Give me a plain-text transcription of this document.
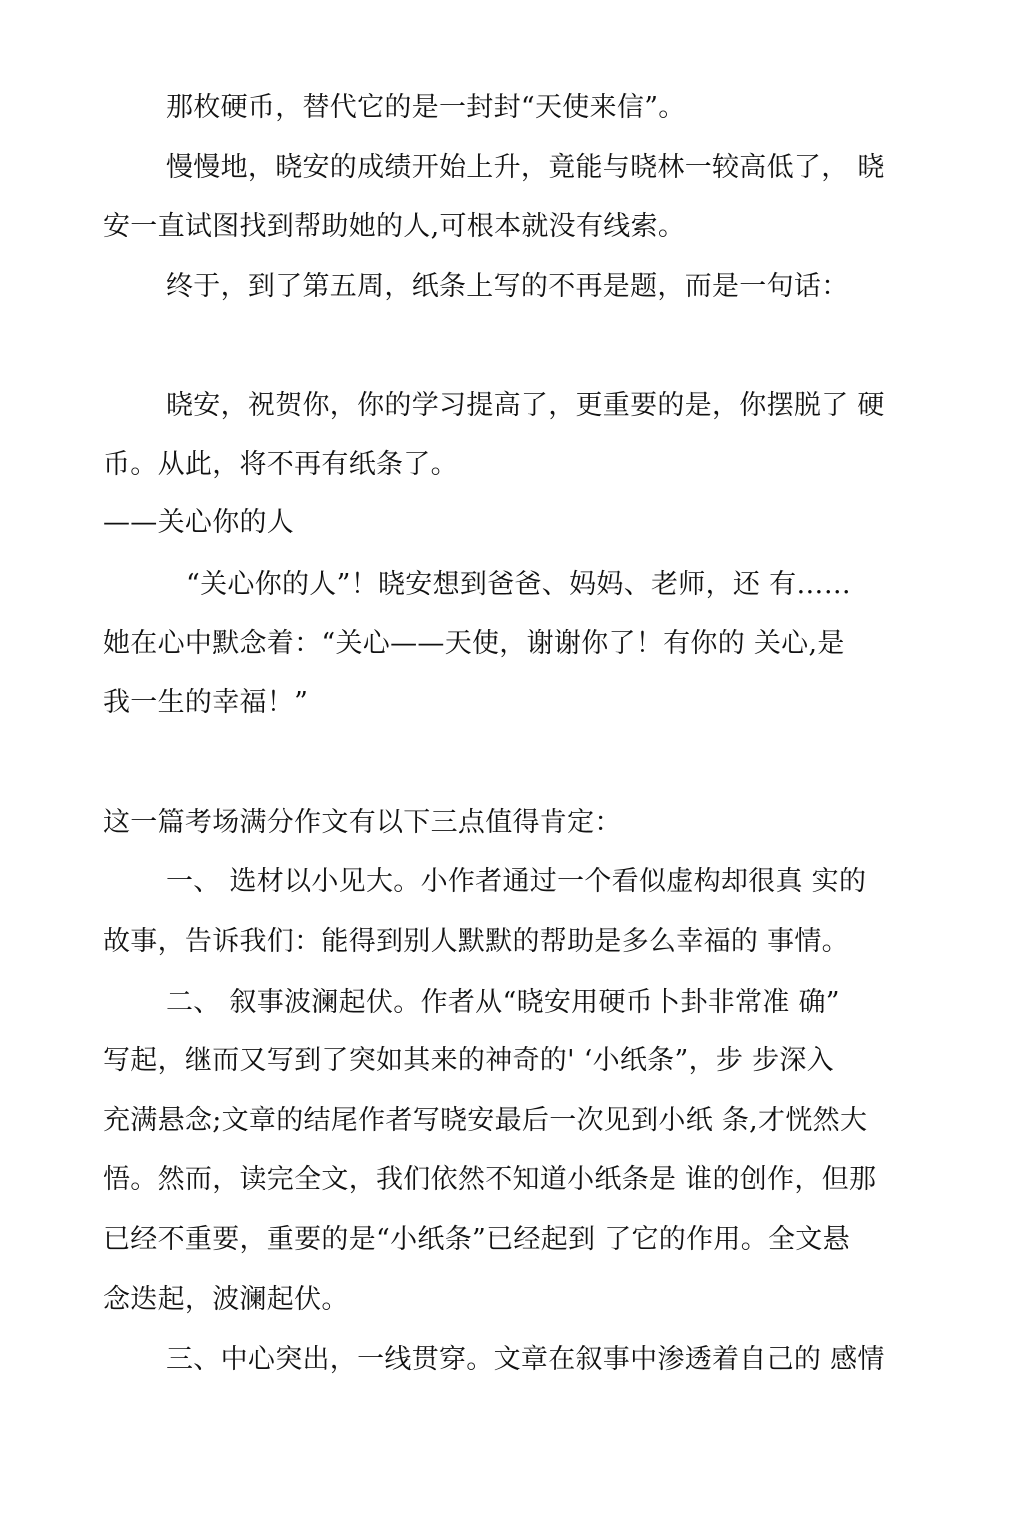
那枚硬币，替代它的是一封封“天使来信”。
慢慢地，晓安的成绩开始上升，竟能与晓林一较高低了， 晓
安一直试图找到帮助她的人,可根本就没有线索。
终于，到了第五周，纸条上写的不再是题，而是一句话：
晓安，祝贺你，你的学习提高了，更重要的是，你摆脱了 硬
币。从此，将不再有纸条了。
——关心你的人
“关心你的人”！晓安想到爸爸、妈妈、老师，还 有……
她在心中默念着：“关心——天使，谢谢你了！有你的 关心,是
我一生的幸福！”
这一篇考场满分作文有以下三点值得肯定：
一、 选材以小见大。小作者通过一个看似虚构却很真 实的
故事，告诉我们：能得到别人默默的帮助是多么幸福的 事情。
二、 叙事波澜起伏。作者从“晓安用硬币卜卦非常准 确”
写起，继而又写到了突如其来的神奇的' ‘小纸条”，步 步深入
充满悬念;文章的结尾作者写晓安最后一次见到小纸 条,才恍然大
悟。然而，读完全文，我们依然不知道小纸条是 谁的创作，但那
已经不重要，重要的是“小纸条”已经起到 了它的作用。全文悬
念迭起，波澜起伏。
三、中心突出，一线贯穿。文章在叙事中渗透着自己的 感情
